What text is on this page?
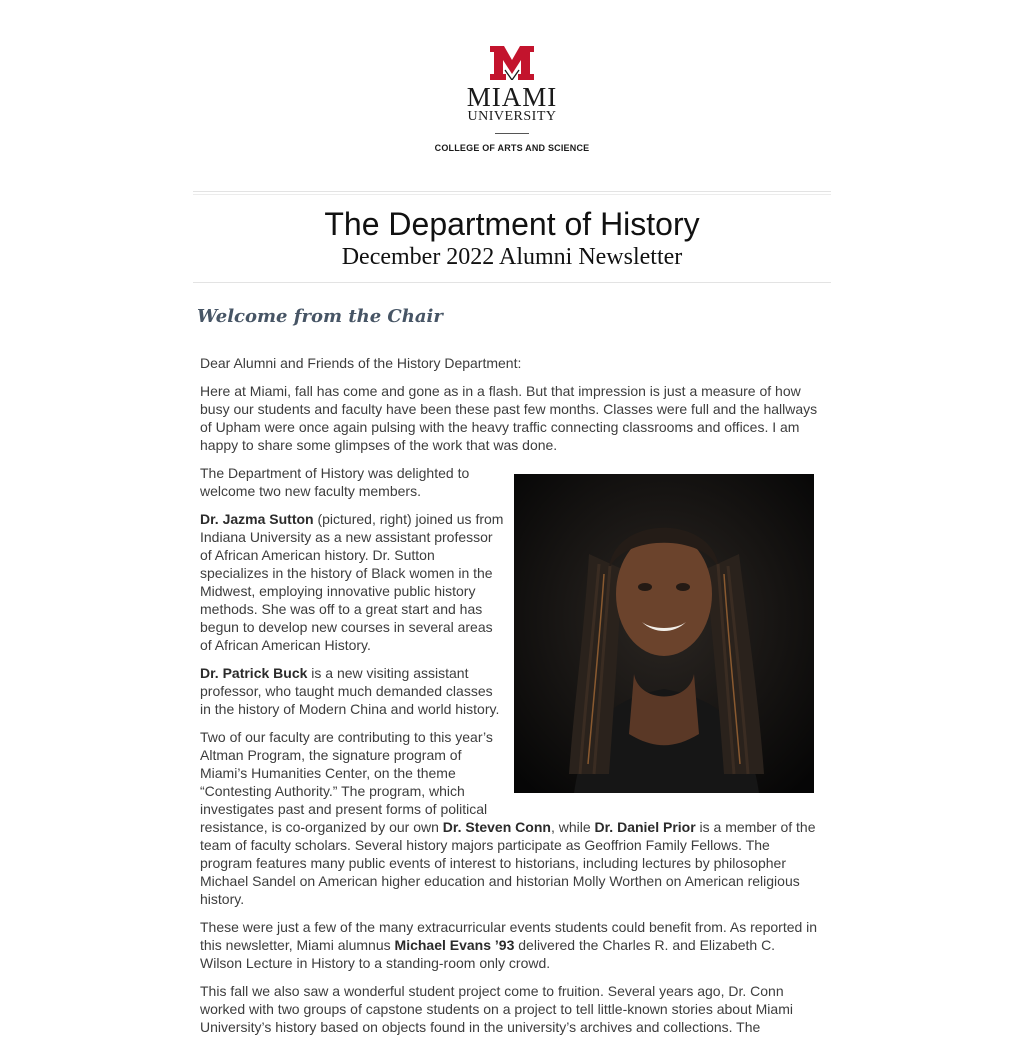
MIAMI
UNIVERSITY
COLLEGE OF ARTS AND SCIENCE
The Department of History
December 2022 Alumni Newsletter
Welcome from the Chair

Dear Alumni and Friends of the History Department:

Here at Miami, fall has come and gone as in a flash. But that impression is just a measure of how busy our students and faculty have been these past few months. Classes were full and the hallways of Upham were once again pulsing with the heavy traffic connecting classrooms and offices. I am happy to share some glimpses of the work that was done.

The Department of History was delighted to welcome two new faculty members.

Dr. Jazma Sutton (pictured, right) joined us from Indiana University as a new assistant professor of African American history. Dr. Sutton specializes in the history of Black women in the Midwest, employing innovative public history methods. She was off to a great start and has begun to develop new courses in several areas of African American History.

Dr. Patrick Buck is a new visiting assistant professor, who taught much demanded classes in the history of Modern China and world history.

Two of our faculty are contributing to this year’s Altman Program, the signature program of Miami’s Humanities Center, on the theme “Contesting Authority.” The program, which investigates past and present forms of political resistance, is co-organized by our own Dr. Steven Conn, while Dr. Daniel Prior is a member of the team of faculty scholars. Several history majors participate as Geoffrion Family Fellows. The program features many public events of interest to historians, including lectures by philosopher Michael Sandel on American higher education and historian Molly Worthen on American religious history.

These were just a few of the many extracurricular events students could benefit from. As reported in this newsletter, Miami alumnus Michael Evans ’93 delivered the Charles R. and Elizabeth C. Wilson Lecture in History to a standing-room only crowd.

This fall we also saw a wonderful student project come to fruition. Several years ago, Dr. Conn worked with two groups of capstone students on a project to tell little-known stories about Miami University’s history based on objects found in the university’s archives and collections. The
